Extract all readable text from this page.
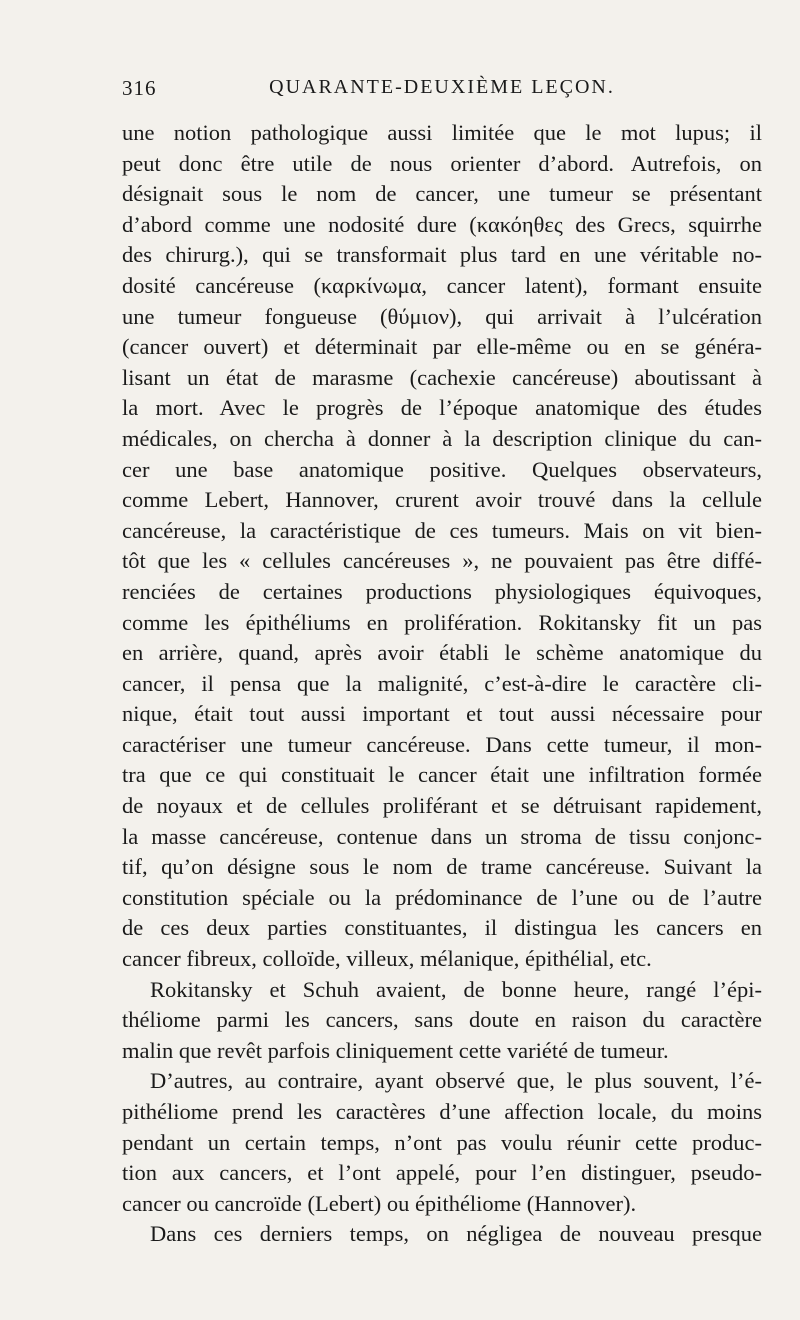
316	QUARANTE-DEUXIÈME LEÇON.

une notion pathologique aussi limitée que le mot lupus; il
peut donc être utile de nous orienter d’abord. Autrefois, on
désignait sous le nom de cancer, une tumeur se présentant
d’abord comme une nodosité dure (κακόηθες des Grecs, squirrhe
des chirurg.), qui se transformait plus tard en une véritable no-
dosité cancéreuse (καρκίνωμα, cancer latent), formant ensuite
une tumeur fongueuse (θύμιον), qui arrivait à l’ulcération
(cancer ouvert) et déterminait par elle-même ou en se généra-
lisant un état de marasme (cachexie cancéreuse) aboutissant à
la mort. Avec le progrès de l’époque anatomique des études
médicales, on chercha à donner à la description clinique du can-
cer une base anatomique positive. Quelques observateurs,
comme Lebert, Hannover, crurent avoir trouvé dans la cellule
cancéreuse, la caractéristique de ces tumeurs. Mais on vit bien-
tôt que les « cellules cancéreuses », ne pouvaient pas être diffé-
renciées de certaines productions physiologiques équivoques,
comme les épithéliums en prolifération. Rokitansky fit un pas
en arrière, quand, après avoir établi le schème anatomique du
cancer, il pensa que la malignité, c’est-à-dire le caractère cli-
nique, était tout aussi important et tout aussi nécessaire pour
caractériser une tumeur cancéreuse. Dans cette tumeur, il mon-
tra que ce qui constituait le cancer était une infiltration formée
de noyaux et de cellules proliférant et se détruisant rapidement,
la masse cancéreuse, contenue dans un stroma de tissu conjonc-
tif, qu’on désigne sous le nom de trame cancéreuse. Suivant la
constitution spéciale ou la prédominance de l’une ou de l’autre
de ces deux parties constituantes, il distingua les cancers en
cancer fibreux, colloïde, villeux, mélanique, épithélial, etc.

Rokitansky et Schuh avaient, de bonne heure, rangé l’épi-
théliome parmi les cancers, sans doute en raison du caractère
malin que revêt parfois cliniquement cette variété de tumeur.

D’autres, au contraire, ayant observé que, le plus souvent, l’é-
pithéliome prend les caractères d’une affection locale, du moins
pendant un certain temps, n’ont pas voulu réunir cette produc-
tion aux cancers, et l’ont appelé, pour l’en distinguer, pseudo-
cancer ou cancroïde (Lebert) ou épithéliome (Hannover).

Dans ces derniers temps, on négligea de nouveau presque
